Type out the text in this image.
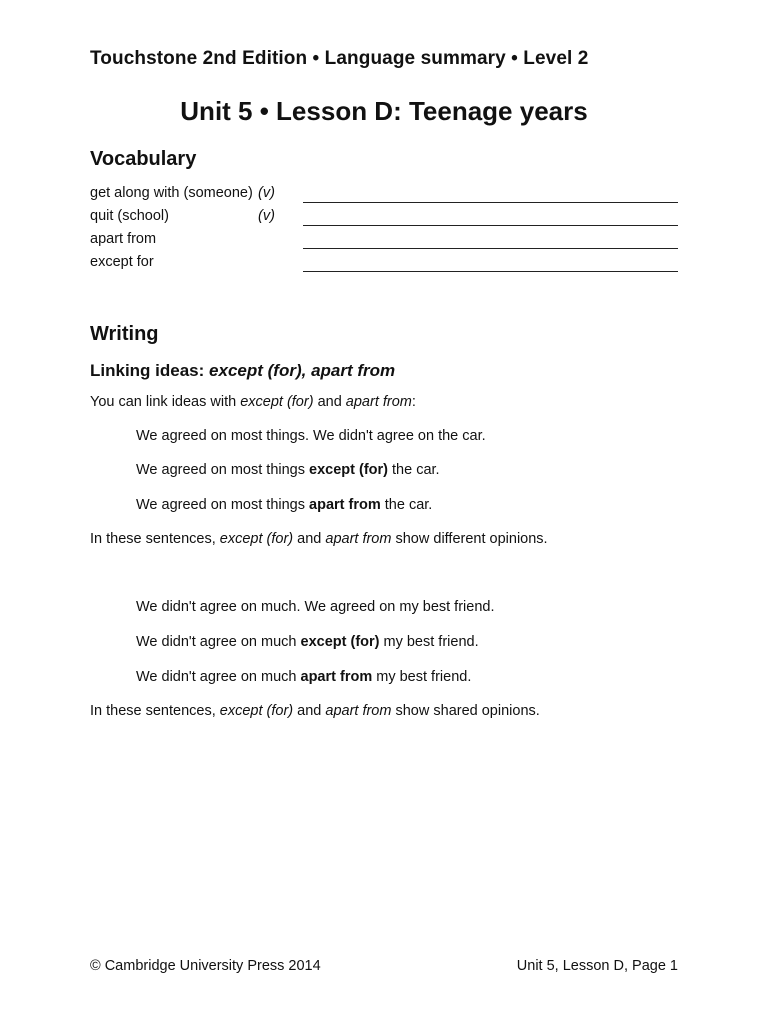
Touchstone 2nd Edition • Language summary • Level 2
Unit 5 • Lesson D: Teenage years
Vocabulary
get along with (someone) (v)
quit (school)	(v)
apart from
except for
Writing
Linking ideas: except (for), apart from
You can link ideas with except (for) and apart from:
We agreed on most things. We didn't agree on the car.
We agreed on most things except (for) the car.
We agreed on most things apart from the car.
In these sentences, except (for) and apart from show different opinions.
We didn't agree on much. We agreed on my best friend.
We didn't agree on much except (for) my best friend.
We didn't agree on much apart from my best friend.
In these sentences, except (for) and apart from show shared opinions.
© Cambridge University Press 2014	Unit 5, Lesson D, Page 1
